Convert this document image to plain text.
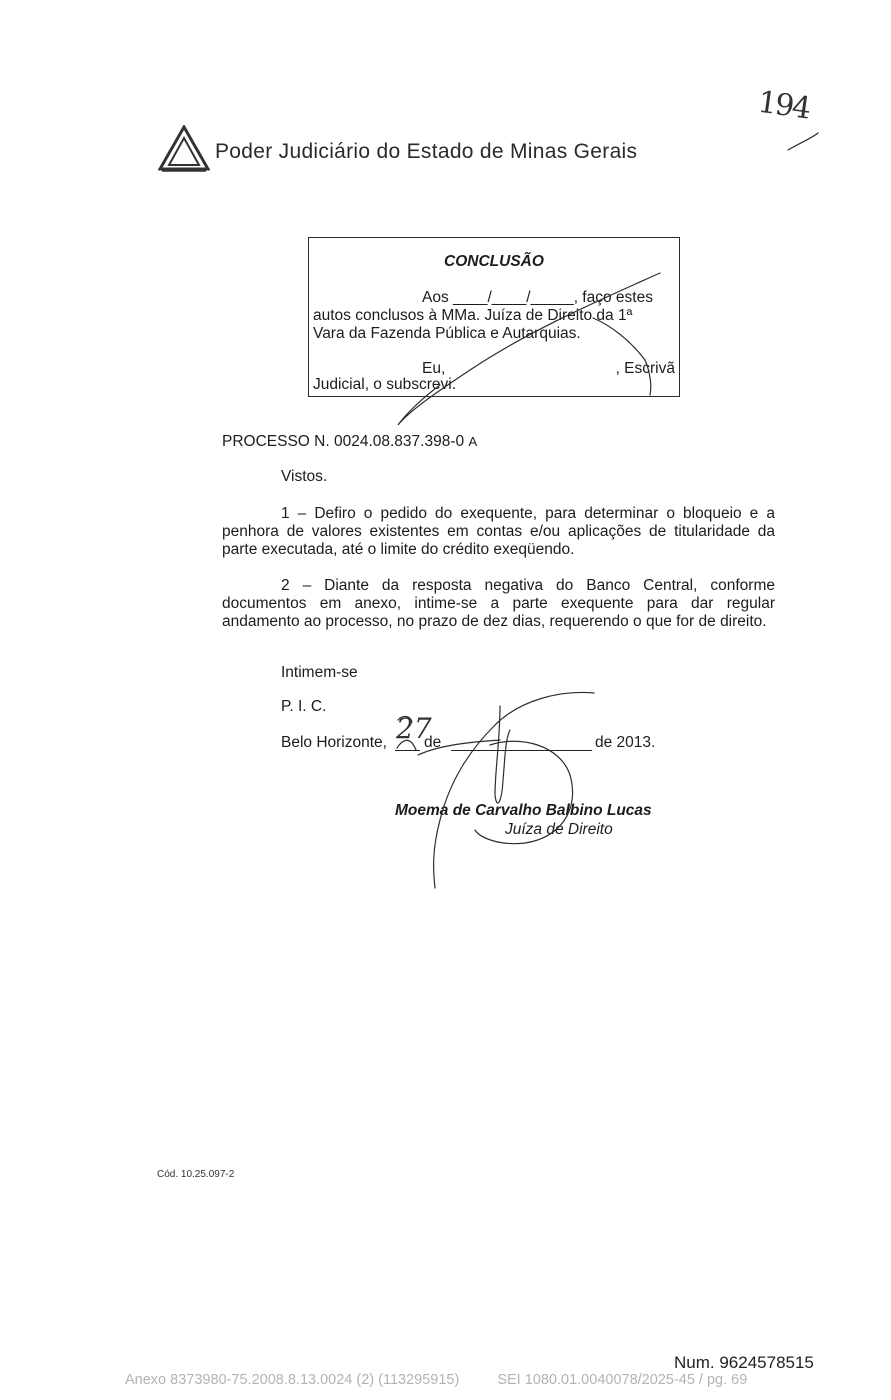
194
Poder Judiciário do Estado de Minas Gerais
CONCLUSÃO
Aos ____/____/_____, faço estes
autos conclusos à MMa. Juíza de Direito da 1ª
Vara da Fazenda Pública e Autarquias.
Eu,	, Escrivã
Judicial, o subscrevi.
PROCESSO N. 0024.08.837.398-0 A
Vistos.
1 – Defiro o pedido do exequente, para determinar o bloqueio e a penhora de valores existentes em contas e/ou aplicações de titularidade da parte executada, até o limite do crédito exeqüendo.
2 – Diante da resposta negativa do Banco Central, conforme documentos em anexo, intime-se a parte exequente para dar regular andamento ao processo, no prazo de dez dias, requerendo o que for de direito.
Intimem-se
P. I. C.
Belo Horizonte, 27
de	de 2013.
Moema de Carvalho Balbino Lucas
Juíza de Direito
Cód. 10.25.097-2
Num. 9624578515
Anexo 8373980-75.2008.8.13.0024 (2) (113295915)	SEI 1080.01.0040078/2025-45 / pg. 69
